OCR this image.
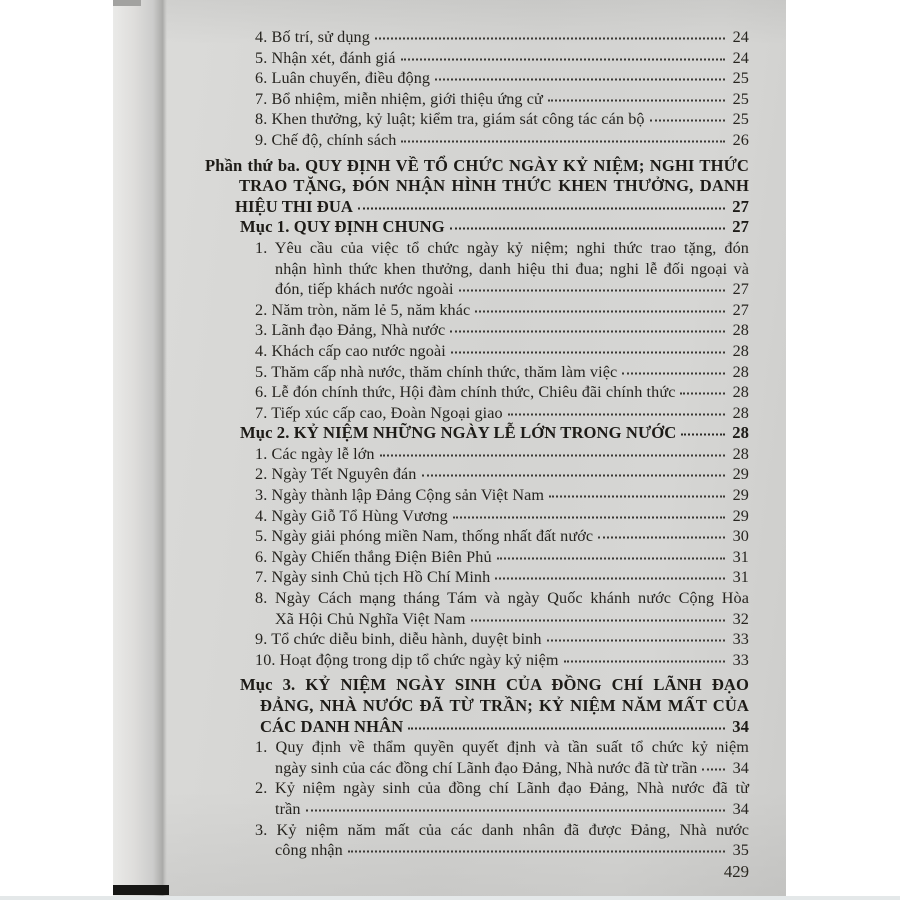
4. Bố trí, sử dụng	24
5. Nhận xét, đánh giá	24
6. Luân chuyển, điều động	25
7. Bổ nhiệm, miễn nhiệm, giới thiệu ứng cử	25
8. Khen thưởng, kỷ luật; kiểm tra, giám sát công tác cán bộ	25
9. Chế độ, chính sách	26
Phần thứ ba. QUY ĐỊNH VỀ TỔ CHỨC NGÀY KỶ NIỆM; NGHI THỨC
TRAO TẶNG, ĐÓN NHẬN HÌNH THỨC KHEN THƯỞNG, DANH
HIỆU THI ĐUA	27
Mục 1. QUY ĐỊNH CHUNG	27
1. Yêu cầu của việc tổ chức ngày kỷ niệm; nghi thức trao tặng, đón
nhận hình thức khen thưởng, danh hiệu thi đua; nghi lễ đối ngoại và
đón, tiếp khách nước ngoài	27
2. Năm tròn, năm lẻ 5, năm khác	27
3. Lãnh đạo Đảng, Nhà nước	28
4. Khách cấp cao nước ngoài	28
5. Thăm cấp nhà nước, thăm chính thức, thăm làm việc	28
6. Lễ đón chính thức, Hội đàm chính thức, Chiêu đãi chính thức	28
7. Tiếp xúc cấp cao, Đoàn Ngoại giao	28
Mục 2. KỶ NIỆM NHỮNG NGÀY LỄ LỚN TRONG NƯỚC	28
1. Các ngày lễ lớn	28
2. Ngày Tết Nguyên đán	29
3. Ngày thành lập Đảng Cộng sản Việt Nam	29
4. Ngày Giỗ Tổ Hùng Vương	29
5. Ngày giải phóng miền Nam, thống nhất đất nước	30
6. Ngày Chiến thắng Điện Biên Phủ	31
7. Ngày sinh Chủ tịch Hồ Chí Minh	31
8. Ngày Cách mạng tháng Tám và ngày Quốc khánh nước Cộng Hòa
Xã Hội Chủ Nghĩa Việt Nam	32
9. Tổ chức diễu binh, diễu hành, duyệt binh	33
10. Hoạt động trong dịp tổ chức ngày kỷ niệm	33
Mục 3. KỶ NIỆM NGÀY SINH CỦA ĐỒNG CHÍ LÃNH ĐẠO
ĐẢNG, NHÀ NƯỚC ĐÃ TỪ TRẦN; KỶ NIỆM NĂM MẤT CỦA
CÁC DANH NHÂN	34
1. Quy định về thẩm quyền quyết định và tần suất tổ chức kỷ niệm
ngày sinh của các đồng chí Lãnh đạo Đảng, Nhà nước đã từ trần	34
2. Kỷ niệm ngày sinh của đồng chí Lãnh đạo Đảng, Nhà nước đã từ
trần	34
3. Kỷ niệm năm mất của các danh nhân đã được Đảng, Nhà nước
công nhận	35
429
